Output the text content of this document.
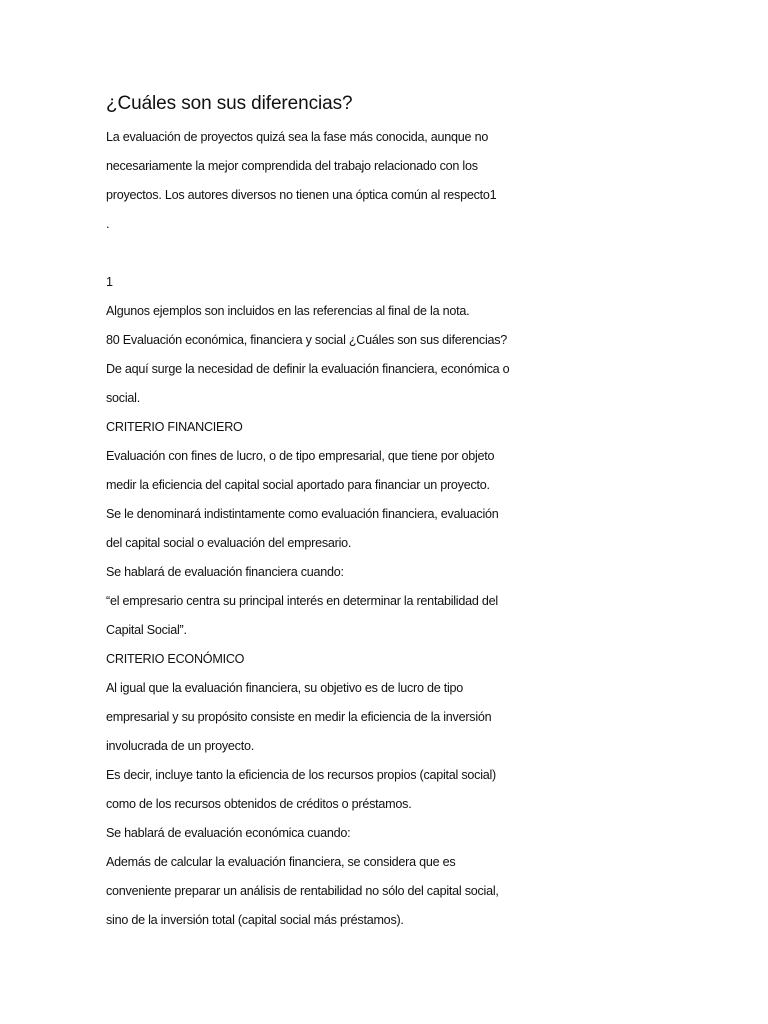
¿Cuáles son sus diferencias?
La evaluación de proyectos quizá sea la fase más conocida, aunque no
necesariamente la mejor comprendida del trabajo relacionado con los
proyectos. Los autores diversos no tienen una óptica común al respecto1
.
1
Algunos ejemplos son incluidos en las referencias al final de la nota.
80 Evaluación económica, financiera y social ¿Cuáles son sus diferencias?
De aquí surge la necesidad de definir la evaluación financiera, económica o
social.
CRITERIO FINANCIERO
Evaluación con fines de lucro, o de tipo empresarial, que tiene por objeto
medir la eficiencia del capital social aportado para financiar un proyecto.
Se le denominará indistintamente como evaluación financiera, evaluación
del capital social o evaluación del empresario.
Se hablará de evaluación financiera cuando:
“el empresario centra su principal interés en determinar la rentabilidad del
Capital Social”.
CRITERIO ECONÓMICO
Al igual que la evaluación financiera, su objetivo es de lucro de tipo
empresarial y su propósito consiste en medir la eficiencia de la inversión
involucrada de un proyecto.
Es decir, incluye tanto la eficiencia de los recursos propios (capital social)
como de los recursos obtenidos de créditos o préstamos.
Se hablará de evaluación económica cuando:
Además de calcular la evaluación financiera, se considera que es
conveniente preparar un análisis de rentabilidad no sólo del capital social,
sino de la inversión total (capital social más préstamos).
